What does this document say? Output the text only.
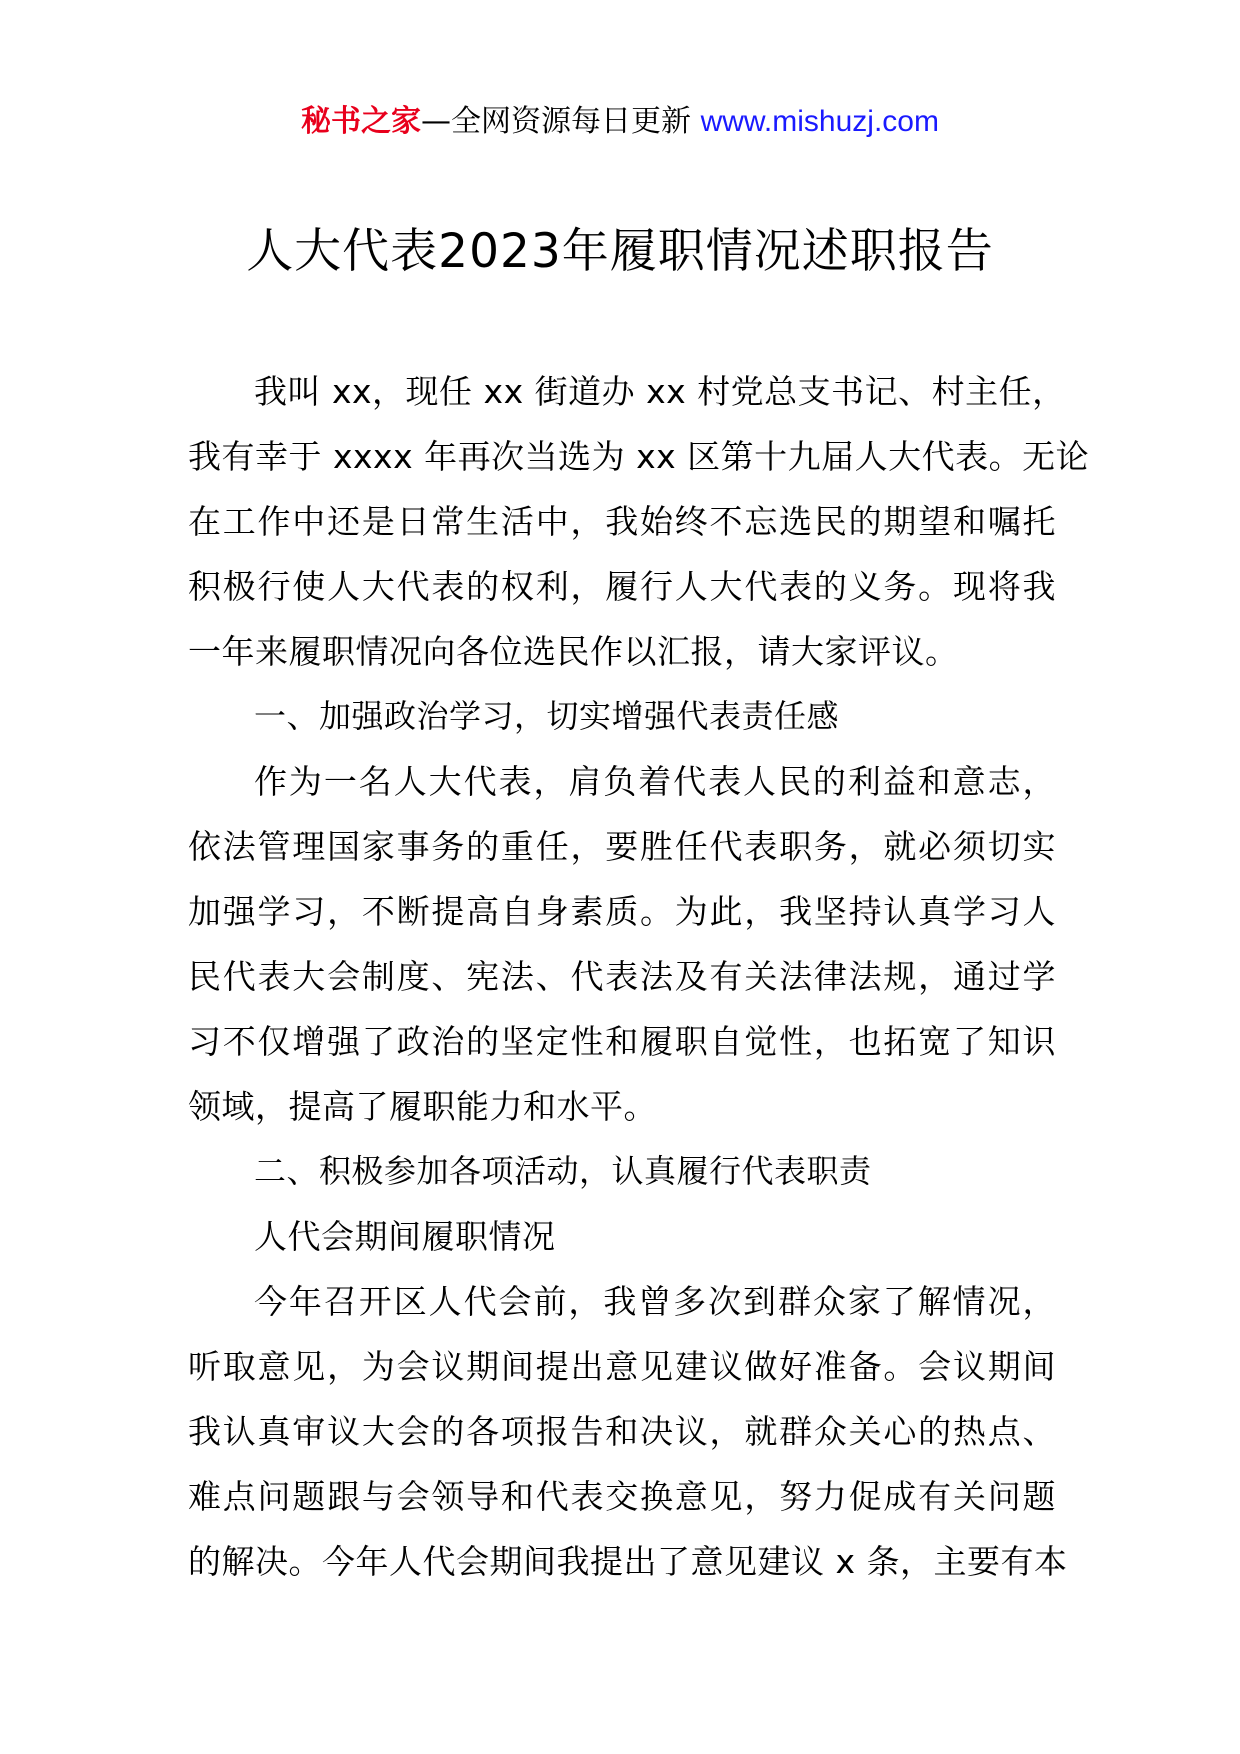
秘书之家—全网资源每日更新 www.mishuzj.com
人大代表2023年履职情况述职报告
我叫 xx，现任 xx 街道办 xx 村党总支书记、村主任，
我有幸于 xxxx 年再次当选为 xx 区第十九届人大代表。无论
在工作中还是日常生活中，我始终不忘选民的期望和嘱托
积极行使人大代表的权利，履行人大代表的义务。现将我
一年来履职情况向各位选民作以汇报，请大家评议。
一、加强政治学习，切实增强代表责任感
作为一名人大代表，肩负着代表人民的利益和意志，
依法管理国家事务的重任，要胜任代表职务，就必须切实
加强学习，不断提高自身素质。为此，我坚持认真学习人
民代表大会制度、宪法、代表法及有关法律法规，通过学
习不仅增强了政治的坚定性和履职自觉性，也拓宽了知识
领域，提高了履职能力和水平。
二、积极参加各项活动，认真履行代表职责
人代会期间履职情况
今年召开区人代会前，我曾多次到群众家了解情况，
听取意见，为会议期间提出意见建议做好准备。会议期间
我认真审议大会的各项报告和决议，就群众关心的热点、
难点问题跟与会领导和代表交换意见，努力促成有关问题
的解决。今年人代会期间我提出了意见建议 x 条，主要有本
